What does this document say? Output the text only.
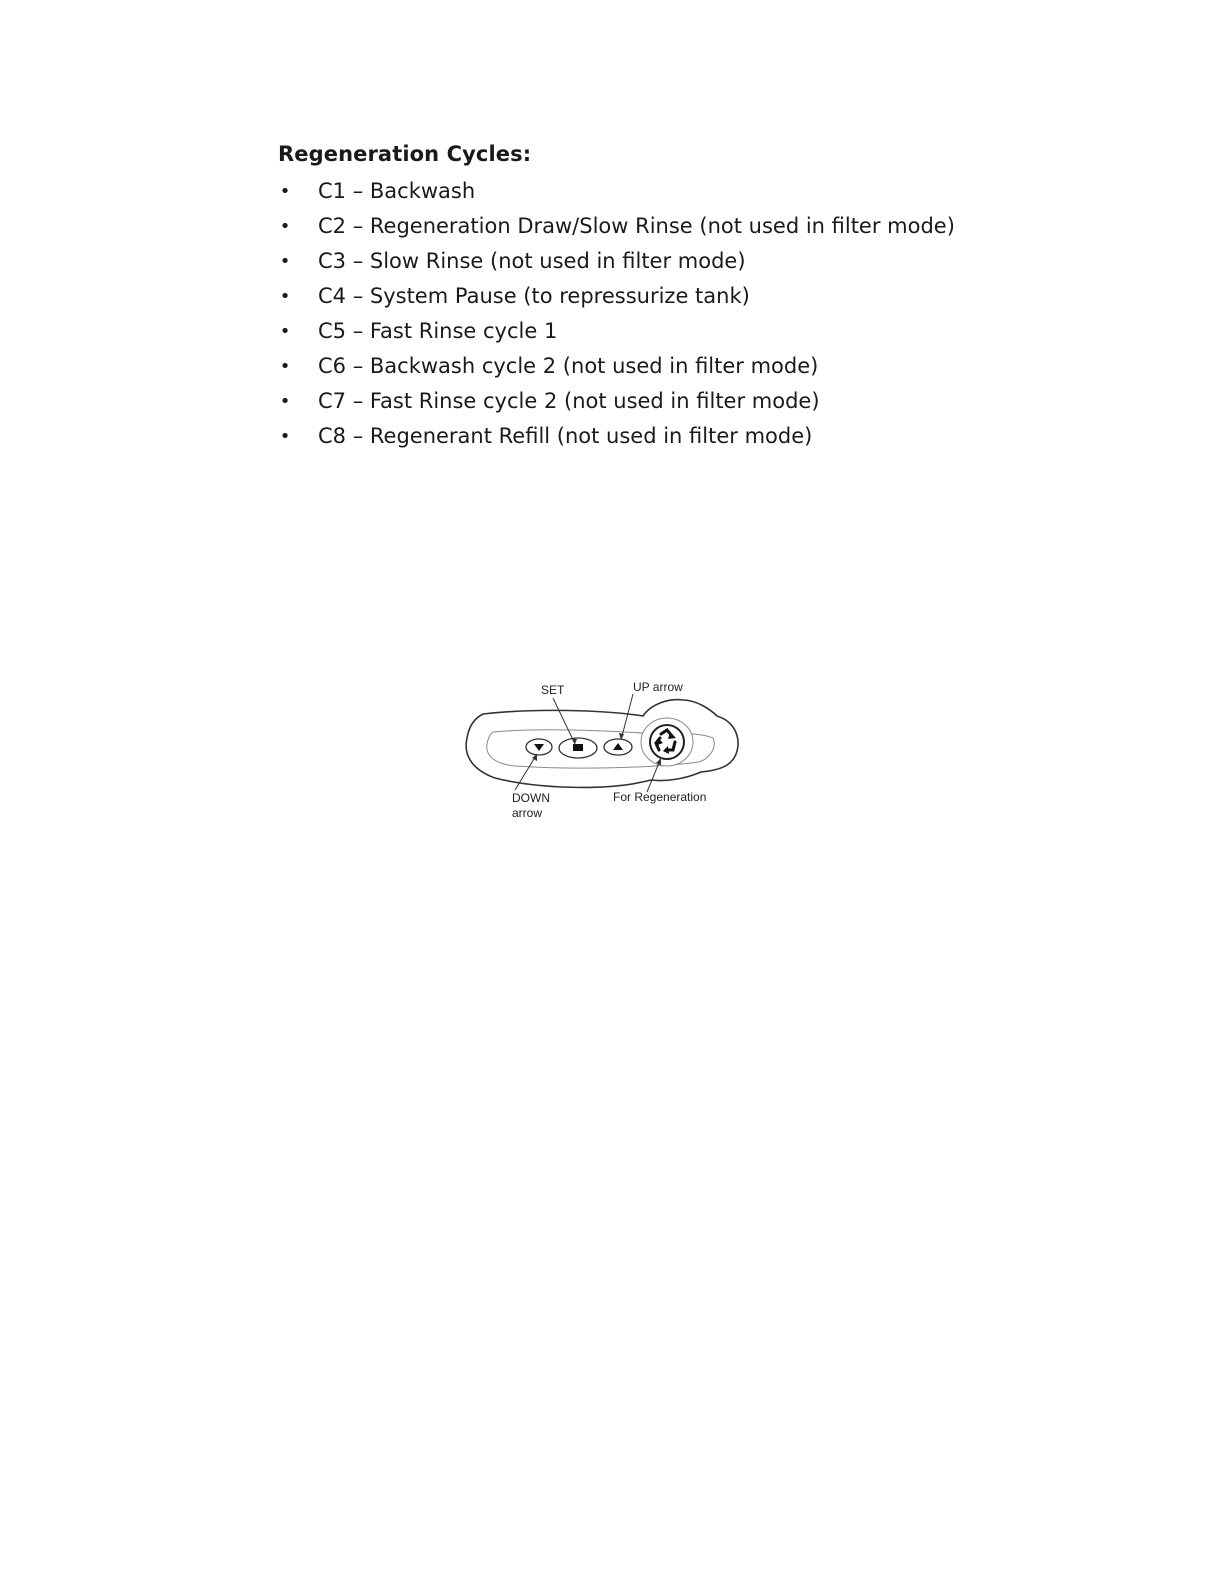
Regeneration Cycles:
• C1 – Backwash
• C2 – Regeneration Draw/Slow Rinse (not used in filter mode)
• C3 – Slow Rinse (not used in filter mode)
• C4 – System Pause (to repressurize tank)
• C5 – Fast Rinse cycle 1
• C6 – Backwash cycle 2 (not used in filter mode)
• C7 – Fast Rinse cycle 2 (not used in filter mode)
• C8 – Regenerant Refill (not used in filter mode)
SET	UP arrow
DOWN
arrow
For Regeneration
